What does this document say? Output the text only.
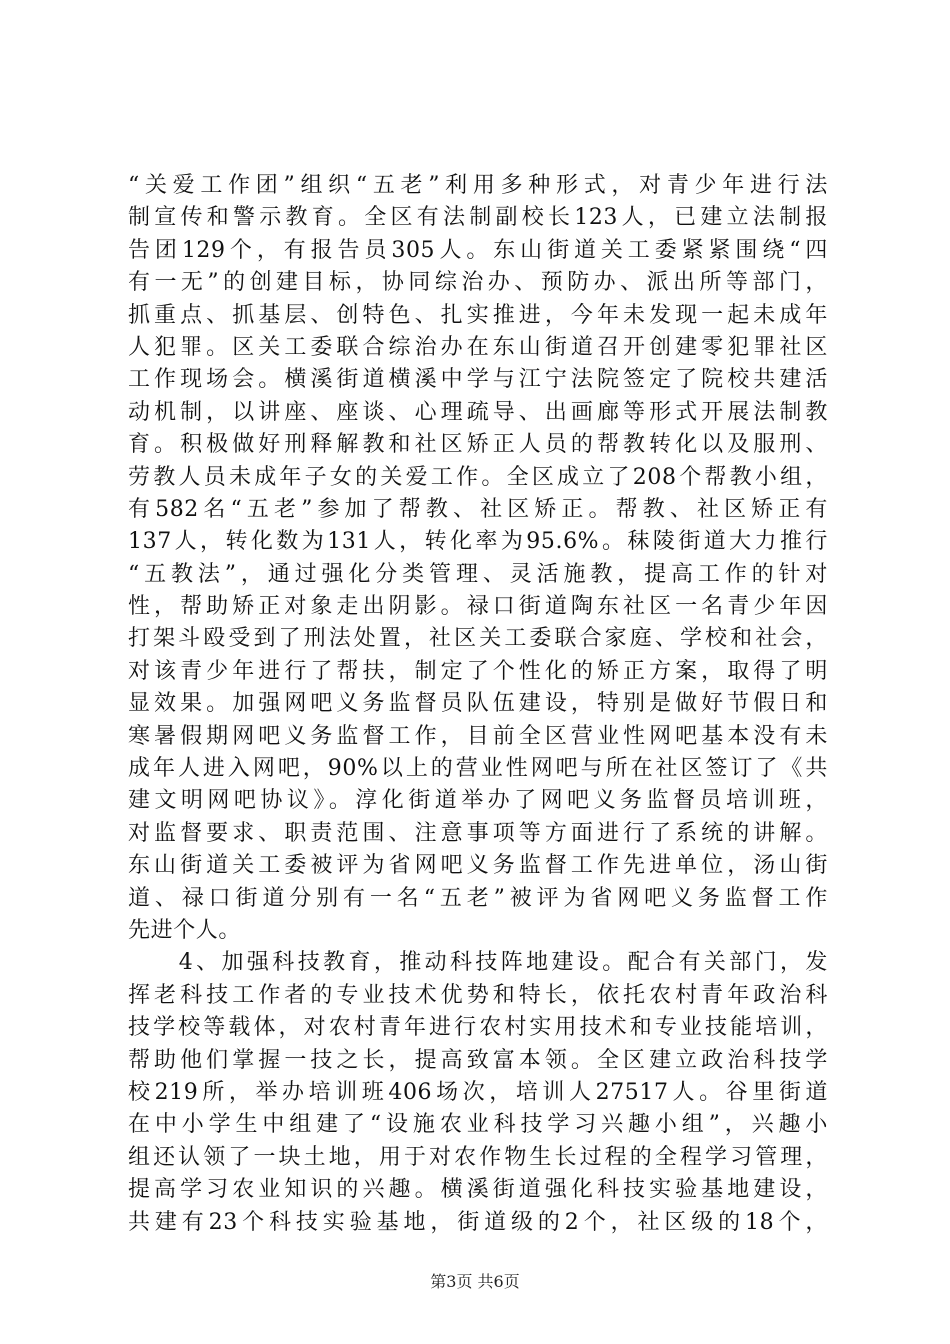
“关爱工作团”组织“五老”利用多种形式，对青少年进行法
制宣传和警示教育。全区有法制副校长123人，已建立法制报
告团129个，有报告员305人。东山街道关工委紧紧围绕“四
有一无”的创建目标，协同综治办、预防办、派出所等部门，
抓重点、抓基层、创特色、扎实推进，今年未发现一起未成年
人犯罪。区关工委联合综治办在东山街道召开创建零犯罪社区
工作现场会。横溪街道横溪中学与江宁法院签定了院校共建活
动机制，以讲座、座谈、心理疏导、出画廊等形式开展法制教
育。积极做好刑释解教和社区矫正人员的帮教转化以及服刑、
劳教人员未成年子女的关爱工作。全区成立了208个帮教小组，
有582名“五老”参加了帮教、社区矫正。帮教、社区矫正有
137人，转化数为131人，转化率为95.6%。秣陵街道大力推行
“五教法”，通过强化分类管理、灵活施教，提高工作的针对
性，帮助矫正对象走出阴影。禄口街道陶东社区一名青少年因
打架斗殴受到了刑法处置，社区关工委联合家庭、学校和社会，
对该青少年进行了帮扶，制定了个性化的矫正方案，取得了明
显效果。加强网吧义务监督员队伍建设，特别是做好节假日和
寒暑假期网吧义务监督工作，目前全区营业性网吧基本没有未
成年人进入网吧，90%以上的营业性网吧与所在社区签订了《共
建文明网吧协议》。淳化街道举办了网吧义务监督员培训班，
对监督要求、职责范围、注意事项等方面进行了系统的讲解。
东山街道关工委被评为省网吧义务监督工作先进单位，汤山街
道、禄口街道分别有一名“五老”被评为省网吧义务监督工作
先进个人。
　　4、加强科技教育，推动科技阵地建设。配合有关部门，发
挥老科技工作者的专业技术优势和特长，依托农村青年政治科
技学校等载体，对农村青年进行农村实用技术和专业技能培训，
帮助他们掌握一技之长，提高致富本领。全区建立政治科技学
校219所，举办培训班406场次，培训人27517人。谷里街道
在中小学生中组建了“设施农业科技学习兴趣小组”，兴趣小
组还认领了一块土地，用于对农作物生长过程的全程学习管理，
提高学习农业知识的兴趣。横溪街道强化科技实验基地建设，
共建有23个科技实验基地，街道级的2个，社区级的18个，
第3页 共6页
